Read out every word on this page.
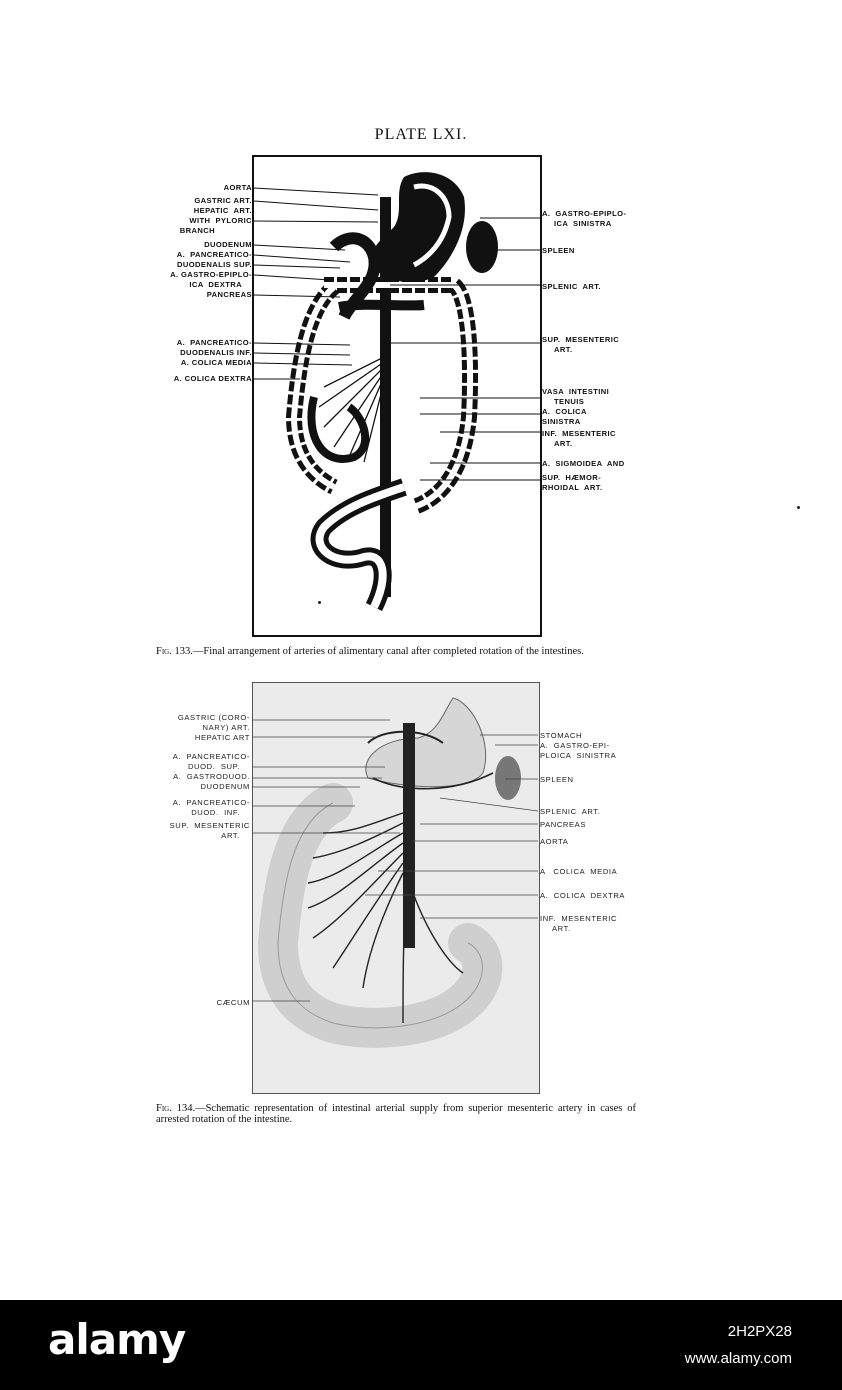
PLATE LXI.
AORTA
GASTRIC ART.
HEPATIC  ART.
WITH  PYLORIC
BRANCH
DUODENUM
A.  PANCREATICO-
DUODENALIS SUP.
A. GASTRO-EPIPLO-
ICA  DEXTRA
PANCREAS
A.  PANCREATICO-
DUODENALIS INF.
A. COLICA MEDIA
A. COLICA DEXTRA
A.  GASTRO-EPIPLO-
ICA  SINISTRA
SPLEEN
SPLENIC  ART.
SUP.  MESENTERIC
ART.
VASA  INTESTINI
TENUIS
A.  COLICA
SINISTRA
INF.  MESENTERIC
ART.
A.  SIGMOIDEA  AND
SUP.  HÆMOR-
RHOIDAL  ART.
Fig. 133.—Final arrangement of arteries of alimentary canal after completed rotation of the intestines.
GASTRIC (CORO-
NARY) ART.
HEPATIC ART
A.  PANCREATICO-
DUOD.  SUP.
A.  GASTRODUOD.
DUODENUM
A.  PANCREATICO-
DUOD.  INF.
SUP.  MESENTERIC
ART.
CÆCUM
STOMACH
A.  GASTRO-EPI-
PLOICA  SINISTRA
SPLEEN
SPLENIC  ART.
PANCREAS
AORTA
A   COLICA  MEDIA
A.  COLICA  DEXTRA
INF.  MESENTERIC
ART.
Fig. 134.—Schematic representation of intestinal arterial supply from superior mesenteric artery in cases of arrested rotation of the intestine.
alamy	2H2PX28
www.alamy.com
